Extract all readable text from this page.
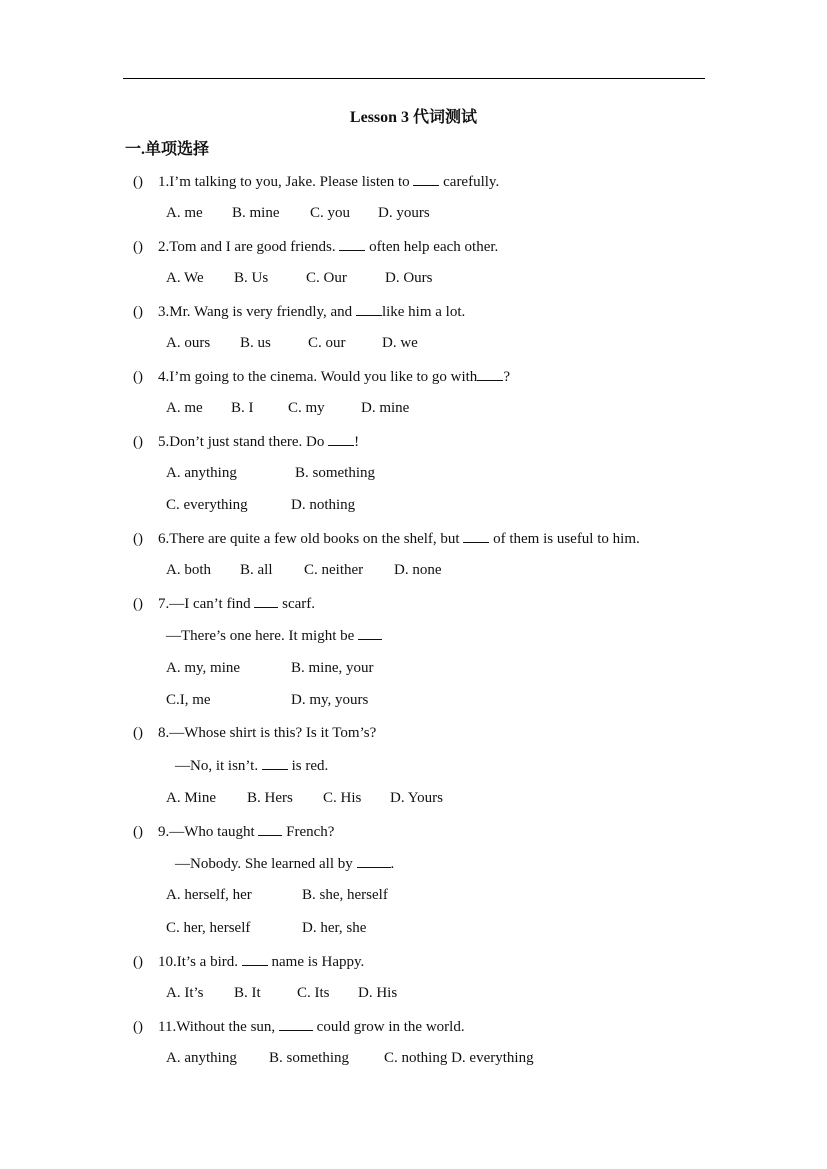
Lesson 3 代词测试
一.单项选择
() 1.I’m talking to you, Jake. Please listen to  carefully.
A. me B. mine C. you D. yours
() 2.Tom and I are good friends.  often help each other.
A. We B. Us	C. Our	D. Ours
() 3.Mr. Wang is very friendly, and like him a lot.
A. ours B. us C. our D. we
() 4.I’m going to the cinema. Would you like to go with ?
A. me B. I C. my D. mine
() 5.Don’t just stand there. Do !
A. anything	B. something
C. everything	D. nothing
() 6.There are quite a few old books on the shelf, but  of them is useful to him.
A. both B. all C. neither D. none
() 7.—I can’t find  scarf.
—There’s one here. It might be
A. my, mine	B. mine, your
C.I, me	D. my, yours
() 8.—Whose shirt is this? Is it Tom’s?
—No, it isn’t.  is red.
A. Mine B. Hers C. His D. Yours
() 9.—Who taught  French?
—Nobody. She learned all by .
A. herself, her	B. she, herself
C. her, herself	D. her, she
() 10.It’s a bird.  name is Happy.
A. It’s B. It C. Its D. His
() 11.Without the sun,  could grow in the world.
A. anything B. something C. nothing D. everything
